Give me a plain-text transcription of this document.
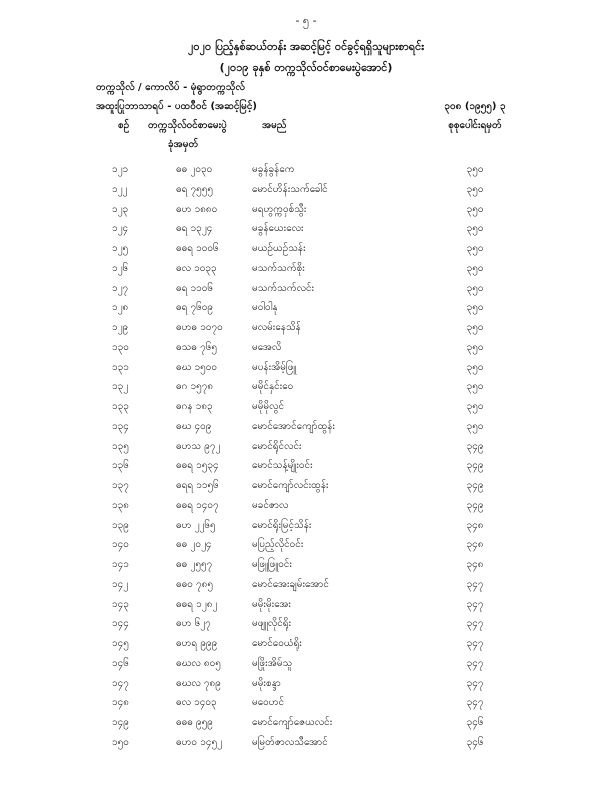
- ၅ -
၂၀၂၀ ပြည့်နှစ်ဆယ်တန်း အဆင့်မြင့် ဝင်ခွင့်ရရှိသူများစာရင်း
(၂၀၁၉ ခုနှစ် တက္ကသိုလ်ဝင်စာမေးပွဲအောင်)
တက္ကသိုလ် / ကောလိပ် - မုံရွာတက္ကသိုလ်
အထူးပြုဘာသာရပ် - ပထဝီဝင် (အဆင့်မြင့်)	၃၀၈ (၁၉၅၅) ၃
စဉ် တက္ကသိုလ်ဝင်စာမေးပွဲ
ခုံအမှတ်
အမည်	စုစုပေါင်းရမှတ်
၁၂၁	ဓဓ ၂၀၃၀	မခွန်ခွန်ကေ	၃၅၀
၁၂၂	ဓရ ၇၅၅၅	မောင်ဟိန်းသက်ခေါင်	၃၅၀
၁၂၃	ဓဟ ၁၈၈၀	မရဟွက္ကဝှစ်သွီး	၃၅၀
၁၂၄	ဓရ ၁၃၂၄	မခွန်ယေးလေး	၃၅၀
၁၂၅	ဓဓရ ၁၀၀၆	မယဥ်ယဥ်သန်း	၃၅၀
၁၂၆	ဓလ ၁၀၃၃	မသက်သက်စိုး	၃၅၀
၁၂၇	ဓရ ၁၁၀၆	မသက်သက်လင်း	၃၅၀
၁၂၈	ဓရ ၇၆၀၉	မဝါဝါနု	၃၅၀
၁၂၉	ဓဟဓ ၁၀၇၀	မလမ်းနေသိန်	၃၅၀
၁၃၀	ဓသဓ ၇၆၅	မအေလိ	၃၅၀
၁၃၁	ဓဃ ၁၅၀၀	မပန်းအိမ့်ဖြူ	၃၅၀
၁၃၂	ဓဂ ၁၅၇၈	မမိုင်နှင်းဝေ	၃၅၀
၁၃၃	ဓဂန ၁၈၃	မမိုမိုလွင်	၃၅၀
၁၃၄	ဓဃ ၄၀၉	မောင်အောင်ကျော်ထွန်း	၃၅၀
၁၃၅	ဓဟသ ၉၇၂	မောင်ရိုင်လင်း	၃၄၉
၁၃၆	ဓဓရ ၁၅၃၄	မောင်သန့်မျိုးဝင်း	၃၄၉
၁၃၇	ဓရရ ၁၁၅၆	မောင်ကျော်လင်းထွန်း	၃၄၉
၁၃၈	ဓဓရ ၁၄၀၇	မခင်ဇာလ	၃၄၉
၁၃၉	ဓဟ ၂၂၆၅	မောင်ရိုးမြင့်သိန်း	၃၄၈
၁၄၀	ဓဓ ၂၀၂၄	မပြည့်လိုင်ဝင်း	၃၄၈
၁၄၁	ဓဓ ၂၅၅၇	မဖြူဖြူဝင်း	၃၄၈
၁၄၂	ဓဓဝ ၇၈၅	မောင်အေးချမ်းအောင်	၃၄၇
၁၄၃	ဓဓရ ၁၂၈၂	မမိုးမိုးအေး	၃၄၇
၁၄၄	ဓဟ ၆၂၇	မဖျူလိုင်ရိုး	၃၄၇
၁၄၅	ဓဟရ ၉၉၉	မောင်ဝေယံရိုး	၃၄၇
၁၄၆	ဓဃလ ၈၀၅	မဖြိုးအိမ်သူ	၃၄၇
၁၄၇	ဓဃလ ၇၈၉	မမိုးစန္ဒာ	၃၄၇
၁၄၈	ဓလ ၁၄၀၃	မဝေဟင်	၃၄၇
၁၄၉	ဓဓဓ ၉၅၉	မောင်ကျော်ဇေယလင်း	၃၄၆
၁၅၀	ဓဟဝ ၁၄၅၂	မမြတ်ဇာလသီအောင်	၃၄၆
